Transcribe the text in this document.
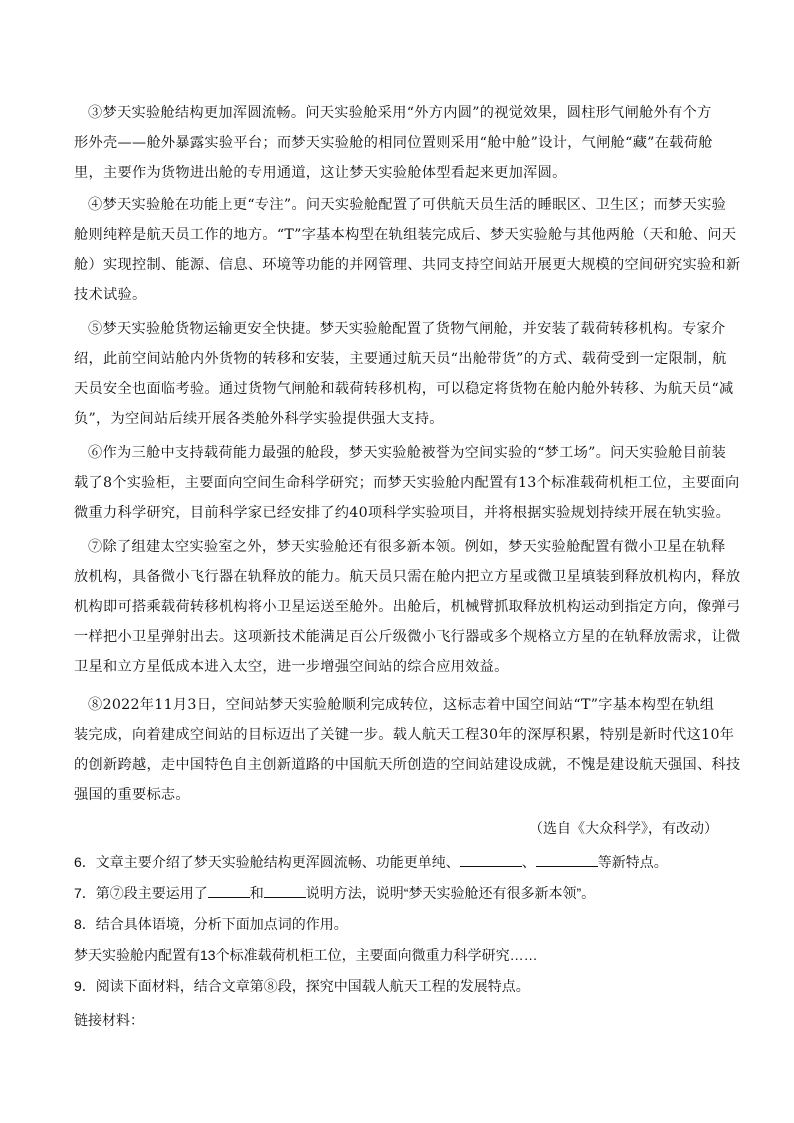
③梦天实验舱结构更加浑圆流畅。问天实验舱采用“外方内圆”的视觉效果，圆柱形气闸舱外有个方
形外壳——舱外暴露实验平台；而梦天实验舱的相同位置则采用“舱中舱”设计，气闸舱“藏”在载荷舱
里，主要作为货物进出舱的专用通道，这让梦天实验舱体型看起来更加浑圆。
④梦天实验舱在功能上更“专注”。问天实验舱配置了可供航天员生活的睡眠区、卫生区；而梦天实验
舱则纯粹是航天员工作的地方。“T”字基本构型在轨组装完成后、梦天实验舱与其他两舱（天和舱、问天
舱）实现控制、能源、信息、环境等功能的并网管理、共同支持空间站开展更大规模的空间研究实验和新
技术试验。
⑤梦天实验舱货物运输更安全快捷。梦天实验舱配置了货物气闸舱，并安装了载荷转移机构。专家介
绍，此前空间站舱内外货物的转移和安装，主要通过航天员“出舱带货”的方式、载荷受到一定限制，航
天员安全也面临考验。通过货物气闸舱和载荷转移机构，可以稳定将货物在舱内舱外转移、为航天员“减
负”，为空间站后续开展各类舱外科学实验提供强大支持。
⑥作为三舱中支持载荷能力最强的舱段，梦天实验舱被誉为空间实验的“梦工场”。问天实验舱目前装
载了8个实验柜，主要面向空间生命科学研究；而梦天实验舱内配置有13个标准载荷机柜工位，主要面向
微重力科学研究，目前科学家已经安排了约40项科学实验项目，并将根据实验规划持续开展在轨实验。
⑦除了组建太空实验室之外，梦天实验舱还有很多新本领。例如，梦天实验舱配置有微小卫星在轨释
放机构，具备微小飞行器在轨释放的能力。航天员只需在舱内把立方星或微卫星填装到释放机构内，释放
机构即可搭乘载荷转移机构将小卫星运送至舱外。出舱后，机械臂抓取释放机构运动到指定方向，像弹弓
一样把小卫星弹射出去。这项新技术能满足百公斤级微小飞行器或多个规格立方星的在轨释放需求，让微
卫星和立方星低成本进入太空，进一步增强空间站的综合应用效益。
⑧2022年11月3日，空间站梦天实验舱顺利完成转位，这标志着中国空间站“T”字基本构型在轨组
装完成，向着建成空间站的目标迈出了关键一步。载人航天工程30年的深厚积累，特别是新时代这10年
的创新跨越，走中国特色自主创新道路的中国航天所创造的空间站建设成就，不愧是建设航天强国、科技
强国的重要标志。
（选自《大众科学》，有改动）
6．文章主要介绍了梦天实验舱结构更浑圆流畅、功能更单纯、	、	等新特点。
7．第⑦段主要运用了	和	说明方法，说明“梦天实验舱还有很多新本领”。
8．结合具体语境，分析下面加点词的作用。
梦天实验舱内配置有13个标准载荷机柜工位，主要面向微重力科学研究……
9．阅读下面材料，结合文章第⑧段，探究中国载人航天工程的发展特点。
链接材料：
